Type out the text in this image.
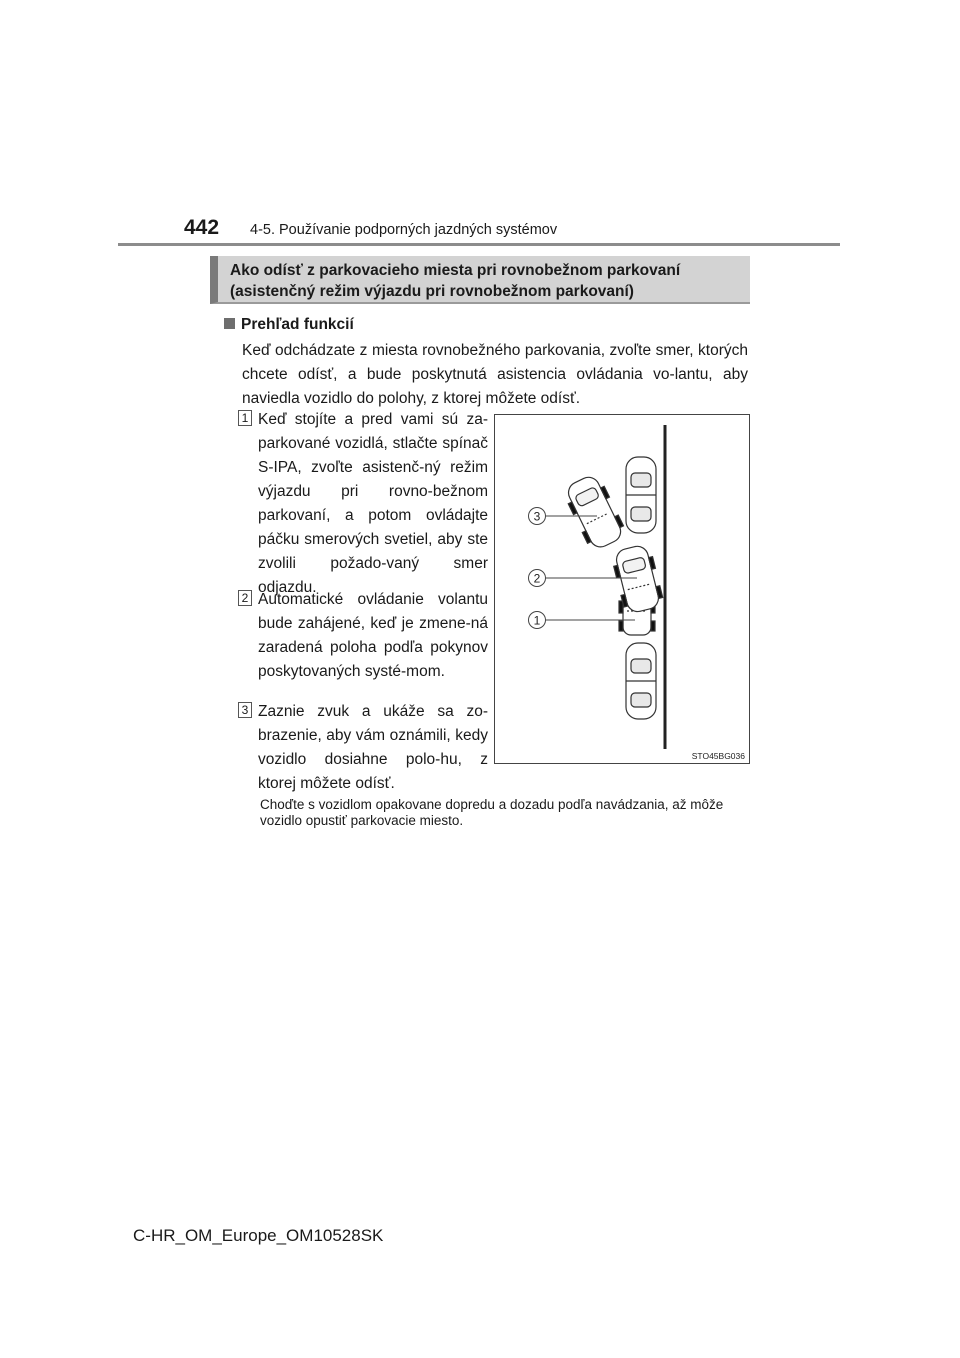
442 4-5. Používanie podporných jazdných systémov
Ako odísť z parkovacieho miesta pri rovnobežnom parkovaní
(asistenčný režim výjazdu pri rovnobežnom parkovaní)
Prehľad funkcií
Keď odchádzate z miesta rovnobežného parkovania, zvoľte smer, ktorých chcete odísť, a bude poskytnutá asistencia ovládania vo-lantu, aby naviedla vozidlo do polohy, z ktorej môžete odísť.
1 Keď stojíte a pred vami sú za-parkované vozidlá, stlačte spínač S-IPA, zvoľte asistenč-ný režim výjazdu pri rovno-bežnom parkovaní, a potom ovládajte páčku smerových svetiel, aby ste zvolili požado-vaný smer odjazdu.
2 Automatické ovládanie volantu bude zahájené, keď je zmene-ná zaradená poloha podľa pokynov poskytovaných systé-mom.
3 Zaznie zvuk a ukáže sa zo-brazenie, aby vám oznámili, kedy vozidlo dosiahne polo-hu, z ktorej môžete odísť.
3
2
1
STO45BG036
Choďte s vozidlom opakovane dopredu a dozadu podľa navádzania, až môže vozidlo opustiť parkovacie miesto.
C-HR_OM_Europe_OM10528SK
